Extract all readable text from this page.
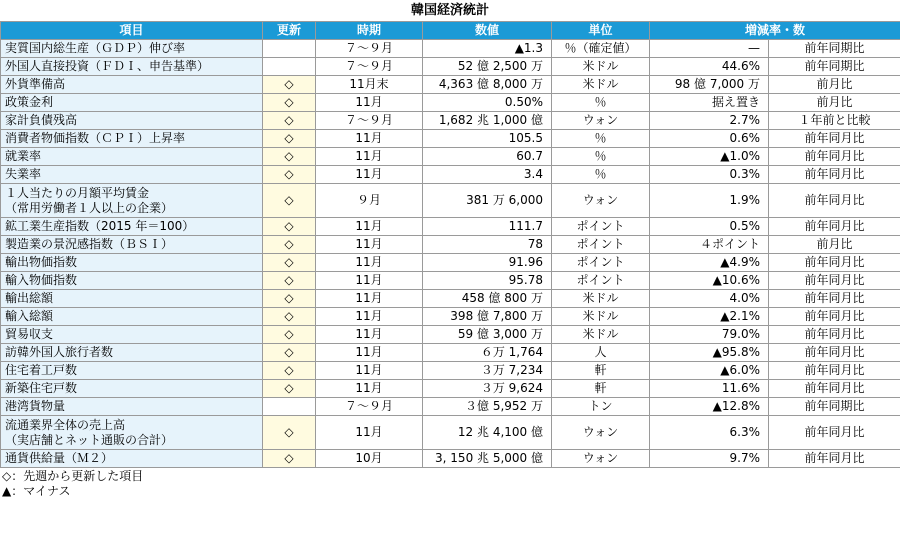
韓国経済統計
項目	更新	時期	数値	単位	増減率・数	
実質国内総生産（ＧＤＰ）伸び率		７～９月	▲1.3	％（確定値）	—	前年同期比
外国人直接投資（ＦＤＩ、申告基準）		７～９月	52 億 2,500 万	米ドル	44.6%	前年同期比
外貨準備高	◇	11月末	4,363 億 8,000 万	米ドル	98 億 7,000 万	前月比
政策金利	◇	11月	0.50%	％	据え置き	前月比
家計負債残高	◇	７～９月	1,682 兆 1,000 億	ウォン	2.7%	１年前と比較
消費者物価指数（ＣＰＩ）上昇率	◇	11月	105.5	％	0.6%	前年同月比
就業率	◇	11月	60.7	％	▲1.0%	前年同月比
失業率	◇	11月	3.4	％	0.3%	前年同月比
１人当たりの月額平均賃金
（常用労働者１人以上の企業）	◇	９月	381 万 6,000	ウォン	1.9%	前年同月比
鉱工業生産指数（2015 年＝100）	◇	11月	111.7	ポイント	0.5%	前年同月比
製造業の景況感指数（ＢＳＩ）	◇	11月	78	ポイント	４ポイント	前月比
輸出物価指数	◇	11月	91.96	ポイント	▲4.9%	前年同月比
輸入物価指数	◇	11月	95.78	ポイント	▲10.6%	前年同月比
輸出総額	◇	11月	458 億 800 万	米ドル	4.0%	前年同月比
輸入総額	◇	11月	398 億 7,800 万	米ドル	▲2.1%	前年同月比
貿易収支	◇	11月	59 億 3,000 万	米ドル	79.0%	前年同月比
訪韓外国人旅行者数	◇	11月	６万 1,764	人	▲95.8%	前年同月比
住宅着工戸数	◇	11月	３万 7,234	軒	▲6.0%	前年同月比
新築住宅戸数	◇	11月	３万 9,624	軒	11.6%	前年同月比
港湾貨物量		７～９月	３億 5,952 万	トン	▲12.8%	前年同期比
流通業界全体の売上高
（実店舗とネット通販の合計）	◇	11月	12 兆 4,100 億	ウォン	6.3%	前年同月比
通貨供給量（Ｍ２）	◇	10月	3, 150 兆 5,000 億	ウォン	9.7%	前年同月比
◇：先週から更新した項目
▲：マイナス
